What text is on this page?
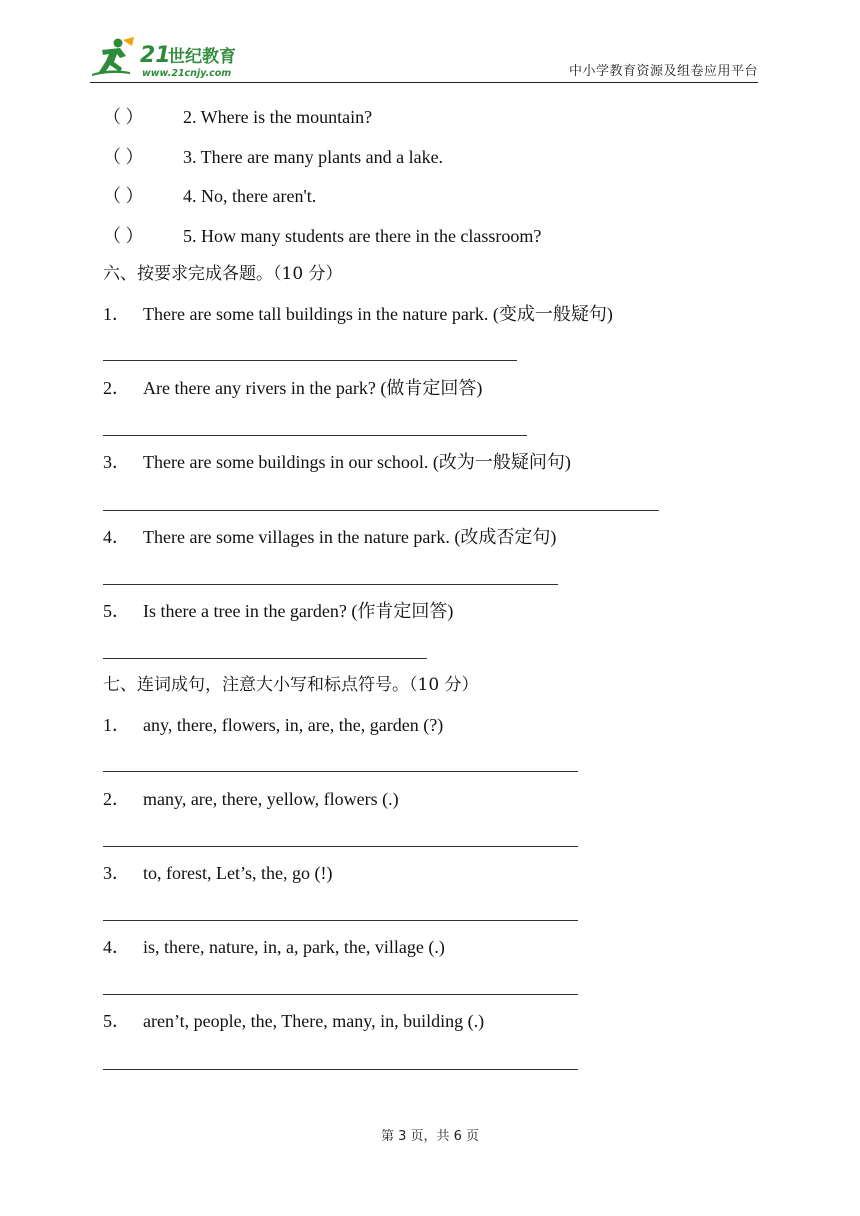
21
世纪教育
www.21cnjy.com	中小学教育资源及组卷应用平台
（ ） 2. Where is the mountain?
（ ） 3. There are many plants and a lake.
（ ） 4. No, there aren't.
（ ） 5. How many students are there in the classroom?
六、按要求完成各题。（10 分）
1． There are some tall buildings in the nature park. (变成一般疑句)
2． Are there any rivers in the park? (做肯定回答)
3． There are some buildings in our school. (改为一般疑问句)
4． There are some villages in the nature park. (改成否定句)
5． Is there a tree in the garden? (作肯定回答)
七、连词成句，注意大小写和标点符号。（10 分）
1． any, there, flowers, in, are, the, garden (?)
2． many, are, there, yellow, flowers (.)
3． to, forest, Let’s, the, go (!)
4． is, there, nature, in, a, park, the, village (.)
5． aren’t, people, the, There, many, in, building (.)
第 3 页，共 6 页
